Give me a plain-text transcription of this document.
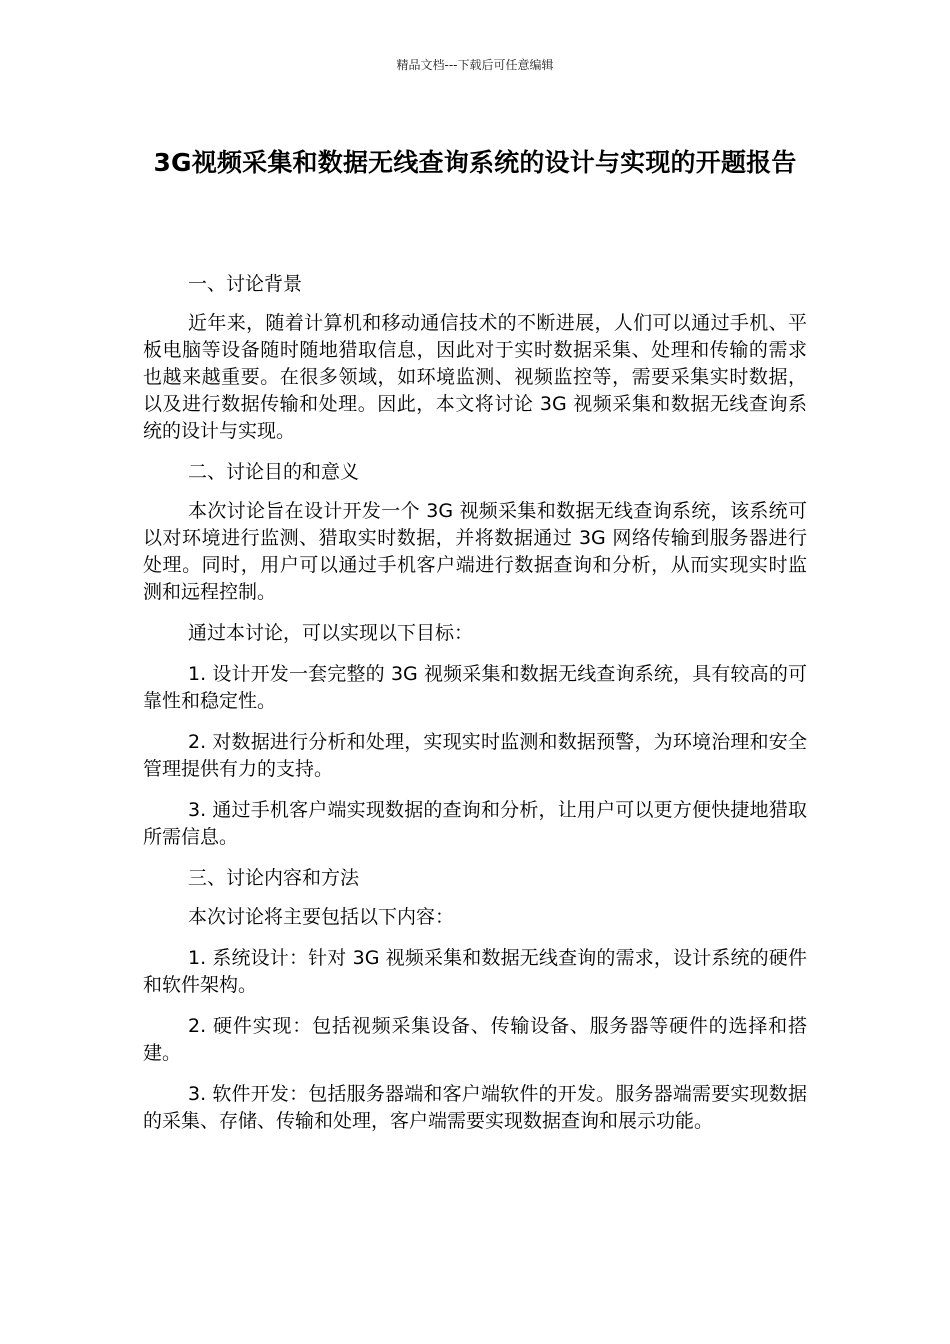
精品文档---下载后可任意编辑
3G视频采集和数据无线查询系统的设计与实现的开题报告
一、讨论背景

近年来，随着计算机和移动通信技术的不断进展，人们可以通过手机、平板电脑等设备随时随地猎取信息，因此对于实时数据采集、处理和传输的需求也越来越重要。在很多领域，如环境监测、视频监控等，需要采集实时数据，以及进行数据传输和处理。因此，本文将讨论 3G 视频采集和数据无线查询系统的设计与实现。

二、讨论目的和意义

本次讨论旨在设计开发一个 3G 视频采集和数据无线查询系统，该系统可以对环境进行监测、猎取实时数据，并将数据通过 3G 网络传输到服务器进行处理。同时，用户可以通过手机客户端进行数据查询和分析，从而实现实时监测和远程控制。

通过本讨论，可以实现以下目标：

1. 设计开发一套完整的 3G 视频采集和数据无线查询系统，具有较高的可靠性和稳定性。

2. 对数据进行分析和处理，实现实时监测和数据预警，为环境治理和安全管理提供有力的支持。

3. 通过手机客户端实现数据的查询和分析，让用户可以更方便快捷地猎取所需信息。

三、讨论内容和方法

本次讨论将主要包括以下内容：

1. 系统设计：针对 3G 视频采集和数据无线查询的需求，设计系统的硬件和软件架构。

2. 硬件实现：包括视频采集设备、传输设备、服务器等硬件的选择和搭建。

3. 软件开发：包括服务器端和客户端软件的开发。服务器端需要实现数据的采集、存储、传输和处理，客户端需要实现数据查询和展示功能。
